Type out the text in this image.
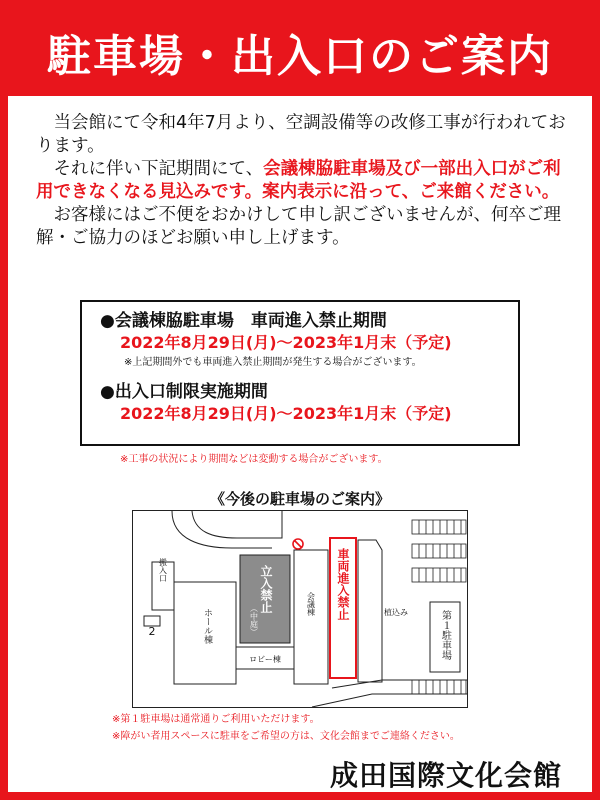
駐車場・出入口のご案内

当会館にて令和4年7月より、空調設備等の改修工事が行われております。

それに伴い下記期間にて、会議棟脇駐車場及び一部出入口がご利用できなくなる見込みです。案内表示に沿って、ご来館ください。

お客様にはご不便をおかけして申し訳ございませんが、何卒ご理解・ご協力のほどお願い申し上げます。

●会議棟脇駐車場　車両進入禁止期間

2022年8月29日(月)～2023年1月末（予定)

※上記期間外でも車両進入禁止期間が発生する場合がございます。

●出入口制限実施期間

2022年8月29日(月)～2023年1月末（予定)

※工事の状況により期間などは変動する場合がございます。
《今後の駐車場のご案内》
搬入口
2	ホール棟
立入禁止
（中庭）
ロビー棟
会議棟 車両進入禁止	植込み	第１駐車場
※第１駐車場は通常通りご利用いただけます。
※障がい者用スペースに駐車をご希望の方は、文化会館までご連絡ください。
成田国際文化会館
